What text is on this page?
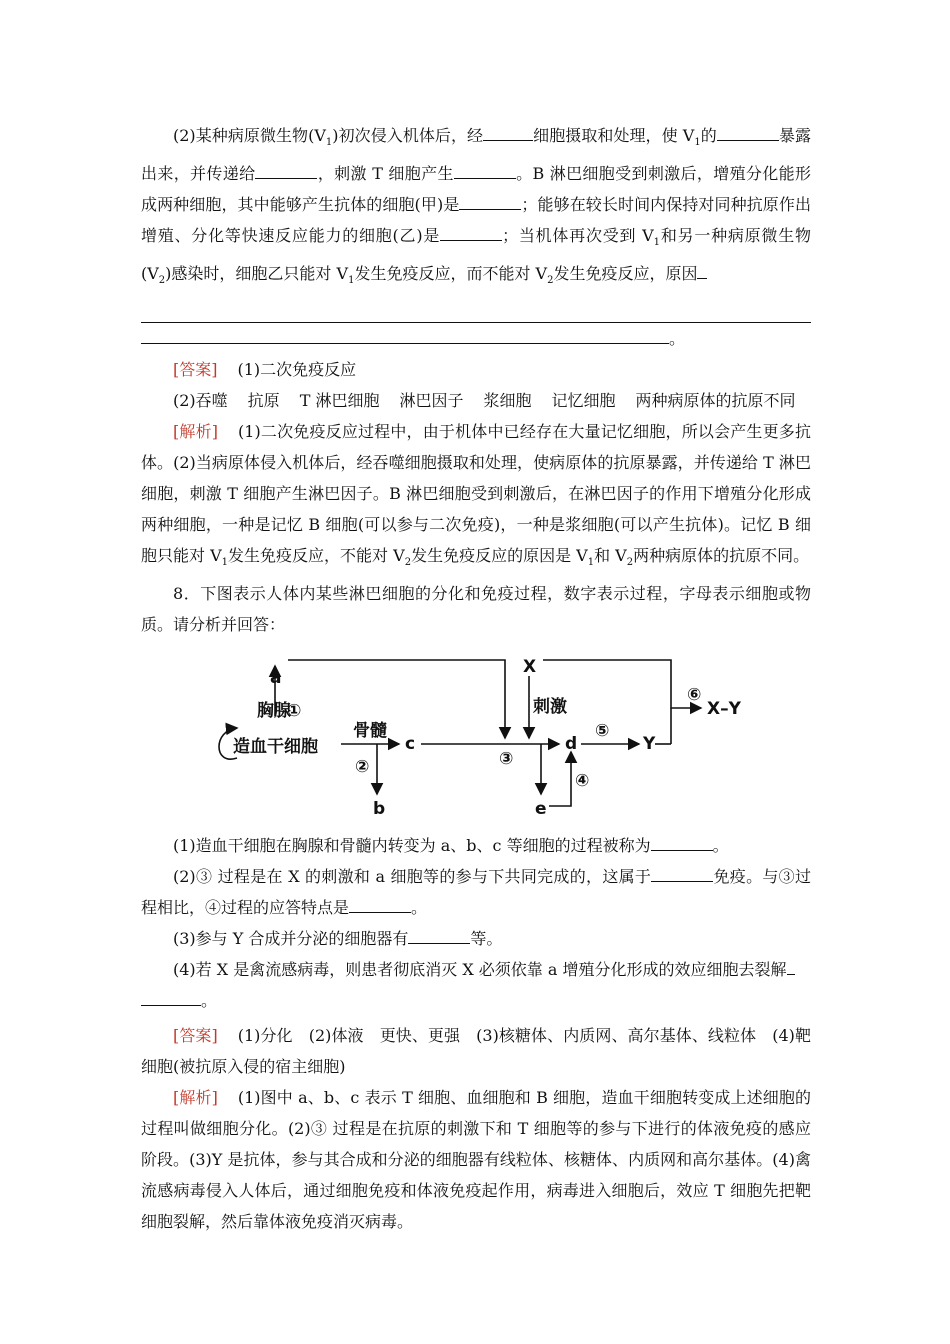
(2)某种病原微生物$(V_1)$初次侵入机体后，经	细胞摄取和处理，使 $V_1$的	暴露出来，并传递给	，刺激 T 细胞产生	。B 淋巴细胞受到刺激后，增殖分化能形成两种细胞，其中能够产生抗体的细胞(甲)是	；能够在较长时间内保持对同种抗原作出增殖、分化等快速反应能力的细胞(乙)是	；当机体再次受到 $V_1$和另一种病原微生物$(V_2)$感染时，细胞乙只能对 $V_1$发生免疫反应，而不能对 $V_2$发生免疫反应，原因

。

[答案] (1)二次免疫反应

(2)吞噬 抗原 T 淋巴细胞 淋巴因子 浆细胞 记忆细胞 两种病原体的抗原不同

[解析] (1)二次免疫反应过程中，由于机体中已经存在大量记忆细胞，所以会产生更多抗体。(2)当病原体侵入机体后，经吞噬细胞摄取和处理，使病原体的抗原暴露，并传递给 T 淋巴细胞，刺激 T 细胞产生淋巴因子。B 淋巴细胞受到刺激后，在淋巴因子的作用下增殖分化形成两种细胞，一种是记忆 B 细胞(可以参与二次免疫)，一种是浆细胞(可以产生抗体)。记忆 B 细胞只能对 $V_1$发生免疫反应，不能对 $V_2$发生免疫反应的原因是 $V_1$和 $V_2$两种病原体的抗原不同。

8．下图表示人体内某些淋巴细胞的分化和免疫过程，数字表示过程，字母表示细胞或物质。请分析并回答：

a
胸腺
①
造血干细胞
骨髓
c
②
b
X
刺激
③
d
⑤
Y
④
e
⑥
X–Y

(1)造血干细胞在胸腺和骨髓内转变为 a、b、c 等细胞的过程被称为	。

(2)③ 过程是在 X 的刺激和 a 细胞等的参与下共同完成的，这属于	免疫。与③过程相比，④过程的应答特点是	。

(3)参与 Y 合成并分泌的细胞器有	等。

(4)若 X 是禽流感病毒，则患者彻底消灭 X 必须依靠 a 增殖分化形成的效应细胞去裂解
。

[答案] (1)分化　(2)体液　更快、更强　(3)核糖体、内质网、高尔基体、线粒体　(4)靶细胞(被抗原入侵的宿主细胞)

[解析] (1)图中 a、b、c 表示 T 细胞、血细胞和 B 细胞，造血干细胞转变成上述细胞的过程叫做细胞分化。(2)③ 过程是在抗原的刺激下和 T 细胞等的参与下进行的体液免疫的感应阶段。(3)Y 是抗体，参与其合成和分泌的细胞器有线粒体、核糖体、内质网和高尔基体。(4)禽流感病毒侵入人体后，通过细胞免疫和体液免疫起作用，病毒进入细胞后，效应 T 细胞先把靶细胞裂解，然后靠体液免疫消灭病毒。
